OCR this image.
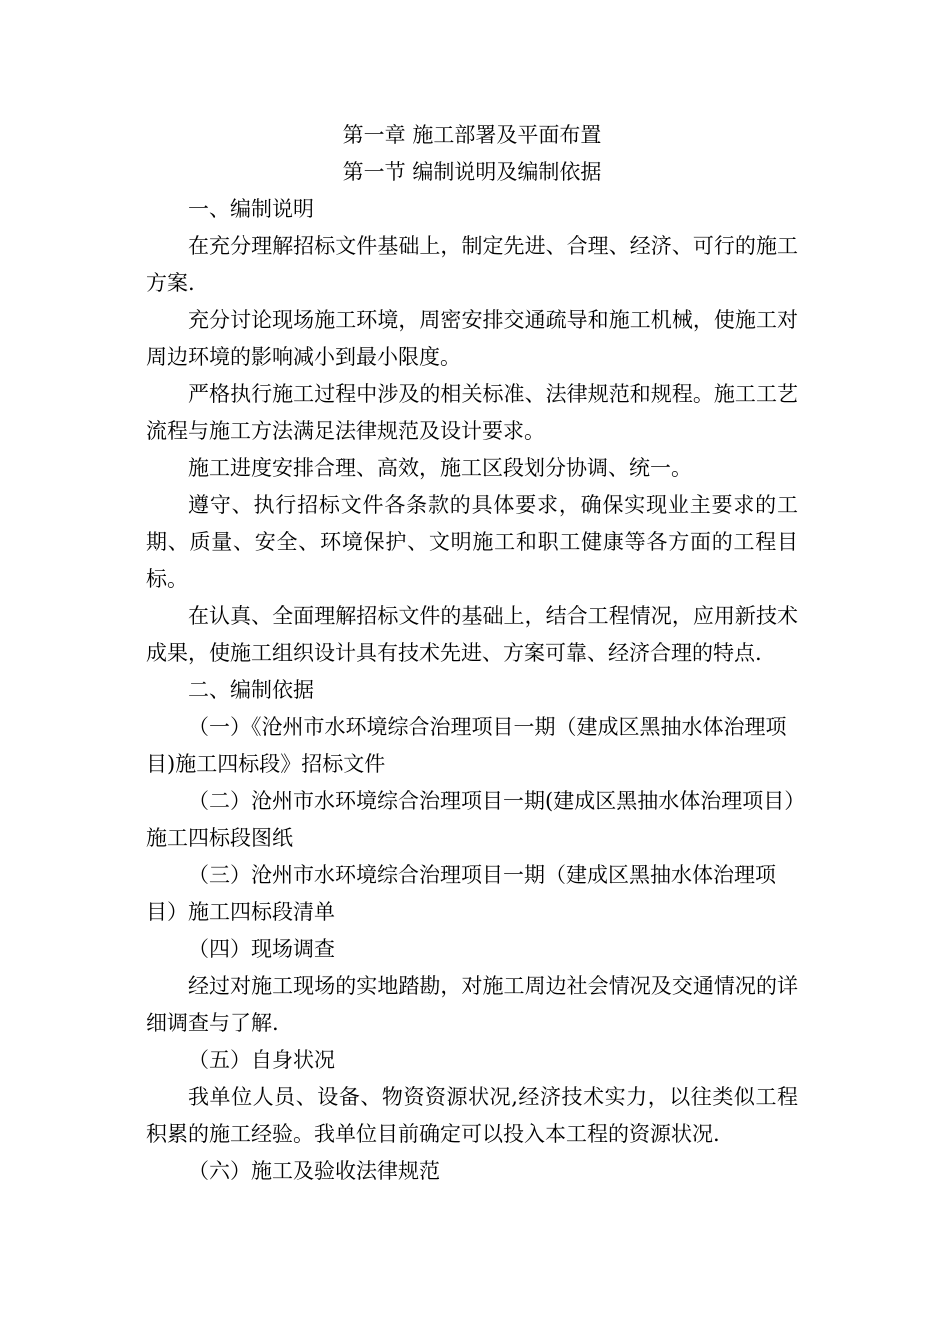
第一章 施工部署及平面布置
第一节 编制说明及编制依据
一、编制说明

在充分理解招标文件基础上，制定先进、合理、经济、可行的施工方案.

充分讨论现场施工环境，周密安排交通疏导和施工机械，使施工对周边环境的影响减小到最小限度。

严格执行施工过程中涉及的相关标准、法律规范和规程。施工工艺流程与施工方法满足法律规范及设计要求。

施工进度安排合理、高效，施工区段划分协调、统一。

遵守、执行招标文件各条款的具体要求，确保实现业主要求的工期、质量、安全、环境保护、文明施工和职工健康等各方面的工程目标。

在认真、全面理解招标文件的基础上，结合工程情况，应用新技术成果，使施工组织设计具有技术先进、方案可靠、经济合理的特点.

二、编制依据

（一）《沧州市水环境综合治理项目一期（建成区黑抽水体治理项目)施工四标段》招标文件

（二）沧州市水环境综合治理项目一期(建成区黑抽水体治理项目）施工四标段图纸

（三）沧州市水环境综合治理项目一期（建成区黑抽水体治理项目）施工四标段清单

（四）现场调查

经过对施工现场的实地踏勘，对施工周边社会情况及交通情况的详细调查与了解.

（五）自身状况

我单位人员、设备、物资资源状况,经济技术实力，以往类似工程积累的施工经验。我单位目前确定可以投入本工程的资源状况.

（六）施工及验收法律规范
